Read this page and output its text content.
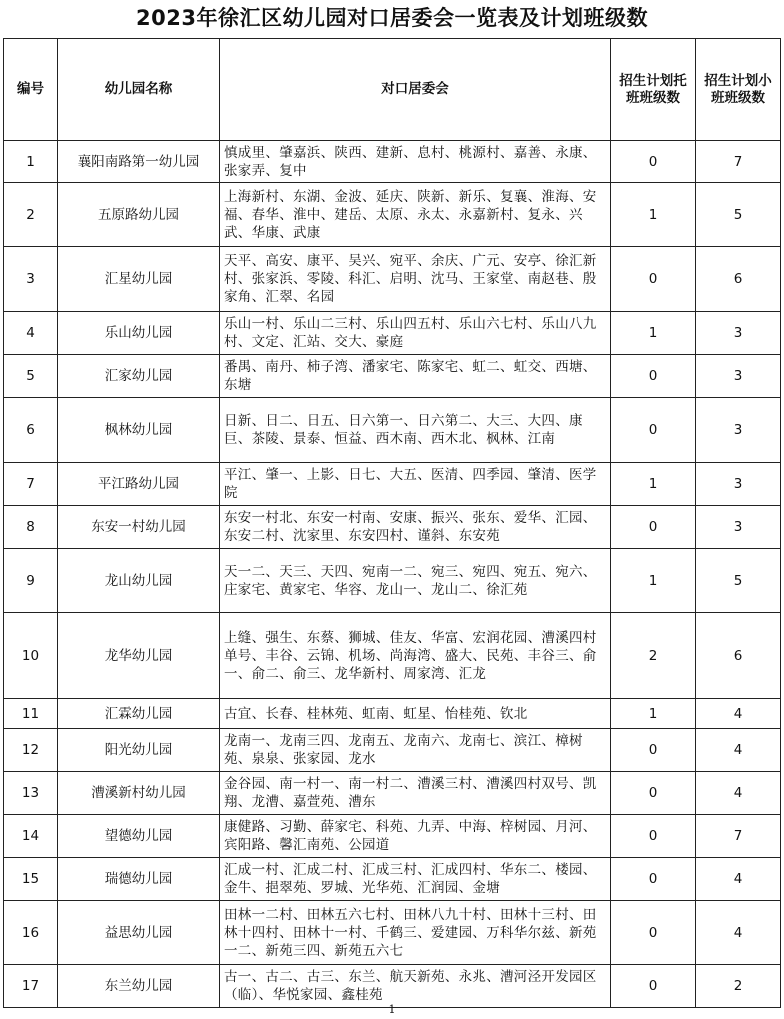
2023年徐汇区幼儿园对口居委会一览表及计划班级数
编号	幼儿园名称	对口居委会	招生计划托班班级数	招生计划小班班级数
1	襄阳南路第一幼儿园	慎成里、肇嘉浜、陕西、建新、息村、桃源村、嘉善、永康、张家弄、复中	0	7
2	五原路幼儿园	上海新村、东湖、金波、延庆、陕新、新乐、复襄、淮海、安福、春华、淮中、建岳、太原、永太、永嘉新村、复永、兴武、华康、武康	1	5
3	汇星幼儿园	天平、高安、康平、吴兴、宛平、余庆、广元、安亭、徐汇新村、张家浜、零陵、科汇、启明、沈马、王家堂、南赵巷、殷家角、汇翠、名园	0	6
4	乐山幼儿园	乐山一村、乐山二三村、乐山四五村、乐山六七村、乐山八九村、文定、汇站、交大、豪庭	1	3
5	汇家幼儿园	番禺、南丹、柿子湾、潘家宅、陈家宅、虹二、虹交、西塘、东塘	0	3
6	枫林幼儿园	日新、日二、日五、日六第一、日六第二、大三、大四、康巨、茶陵、景泰、恒益、西木南、西木北、枫林、江南	0	3
7	平江路幼儿园	平江、肇一、上影、日七、大五、医清、四季园、肇清、医学院	1	3
8	东安一村幼儿园	东安一村北、东安一村南、安康、振兴、张东、爱华、汇园、东安二村、沈家里、东安四村、谨斜、东安苑	0	3
9	龙山幼儿园	天一二、天三、天四、宛南一二、宛三、宛四、宛五、宛六、庄家宅、黄家宅、华容、龙山一、龙山二、徐汇苑	1	5
10	龙华幼儿园	上缝、强生、东蔡、狮城、佳友、华富、宏润花园、漕溪四村单号、丰谷、云锦、机场、尚海湾、盛大、民苑、丰谷三、俞一、俞二、俞三、龙华新村、周家湾、汇龙	2	6
11	汇霖幼儿园	古宜、长春、桂林苑、虹南、虹星、怡桂苑、钦北	1	4
12	阳光幼儿园	龙南一、龙南三四、龙南五、龙南六、龙南七、滨江、樟树苑、泉泉、张家园、龙水	0	4
13	漕溪新村幼儿园	金谷园、南一村一、南一村二、漕溪三村、漕溪四村双号、凯翔、龙漕、嘉萱苑、漕东	0	4
14	望德幼儿园	康健路、习勤、薛家宅、科苑、九弄、中海、梓树园、月河、宾阳路、馨汇南苑、公园道	0	7
15	瑞德幼儿园	汇成一村、汇成二村、汇成三村、汇成四村、华东二、楼园、金牛、挹翠苑、罗城、光华苑、汇润园、金塘	0	4
16	益思幼儿园	田林一二村、田林五六七村、田林八九十村、田林十三村、田林十四村、田林十一村、千鹤三、爱建园、万科华尔兹、新苑一二、新苑三四、新苑五六七	0	4
17	东兰幼儿园	古一、古二、古三、东兰、航天新苑、永兆、漕河泾开发园区（临）、华悦家园、鑫桂苑	0	2
1
